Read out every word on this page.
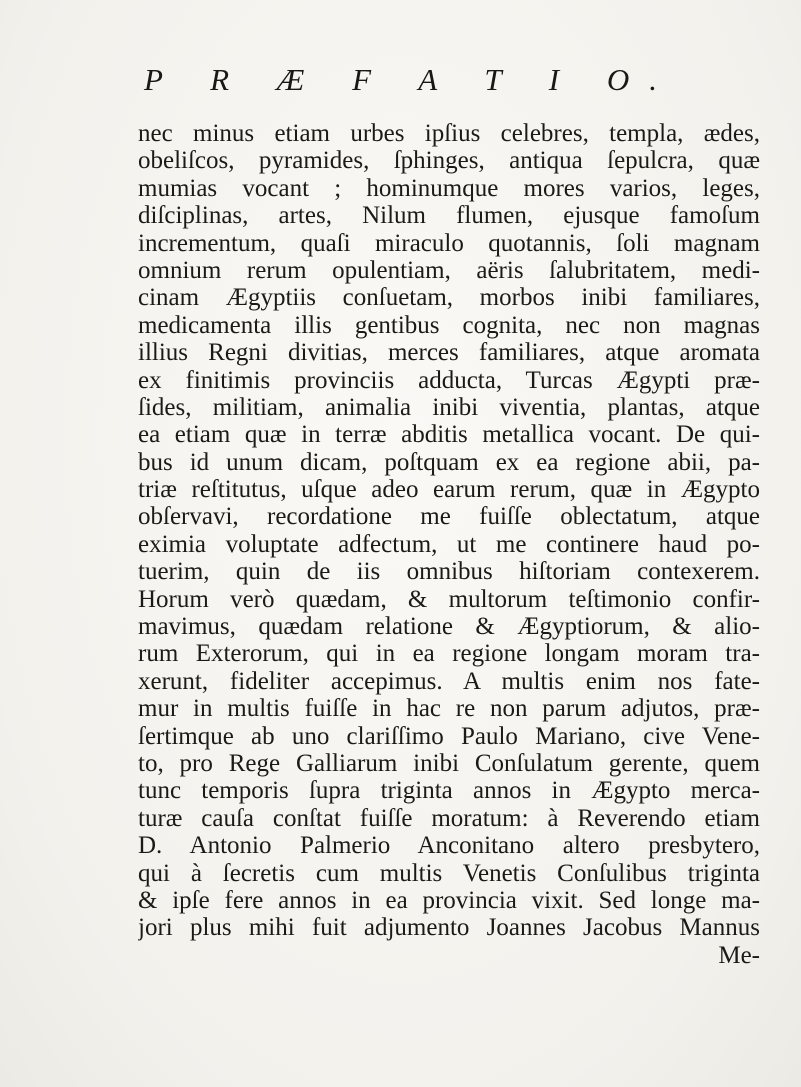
P R Æ F A T I O.
nec minus etiam urbes ipſius celebres, templa, ædes,
obeliſcos, pyramides, ſphinges, antiqua ſepulcra, quæ
mumias vocant ; hominumque mores varios, leges,
diſciplinas, artes, Nilum flumen, ejusque famoſum
incrementum, quaſi miraculo quotannis, ſoli magnam
omnium rerum opulentiam, aëris ſalubritatem, medi-
cinam Ægyptiis conſuetam, morbos inibi familiares,
medicamenta illis gentibus cognita, nec non magnas
illius Regni divitias, merces familiares, atque aromata
ex finitimis provinciis adducta, Turcas Ægypti præ-
ſides, militiam, animalia inibi viventia, plantas, atque
ea etiam quæ in terræ abditis metallica vocant. De qui-
bus id unum dicam, poſtquam ex ea regione abii, pa-
triæ reſtitutus, uſque adeo earum rerum, quæ in Ægypto
obſervavi, recordatione me fuiſſe oblectatum, atque
eximia voluptate adfectum, ut me continere haud po-
tuerim, quin de iis omnibus hiſtoriam contexerem.
Horum verò quædam, & multorum teſtimonio confir-
mavimus, quædam relatione & Ægyptiorum, & alio-
rum Exterorum, qui in ea regione longam moram tra-
xerunt, fideliter accepimus. A multis enim nos fate-
mur in multis fuiſſe in hac re non parum adjutos, præ-
ſertimque ab uno clariſſimo Paulo Mariano, cive Vene-
to, pro Rege Galliarum inibi Conſulatum gerente, quem
tunc temporis ſupra triginta annos in Ægypto merca-
turæ cauſa conſtat fuiſſe moratum: à Reverendo etiam
D. Antonio Palmerio Anconitano altero presbytero,
qui à ſecretis cum multis Venetis Conſulibus triginta
& ipſe fere annos in ea provincia vixit. Sed longe ma-
jori plus mihi fuit adjumento Joannes Jacobus Mannus
Me-
